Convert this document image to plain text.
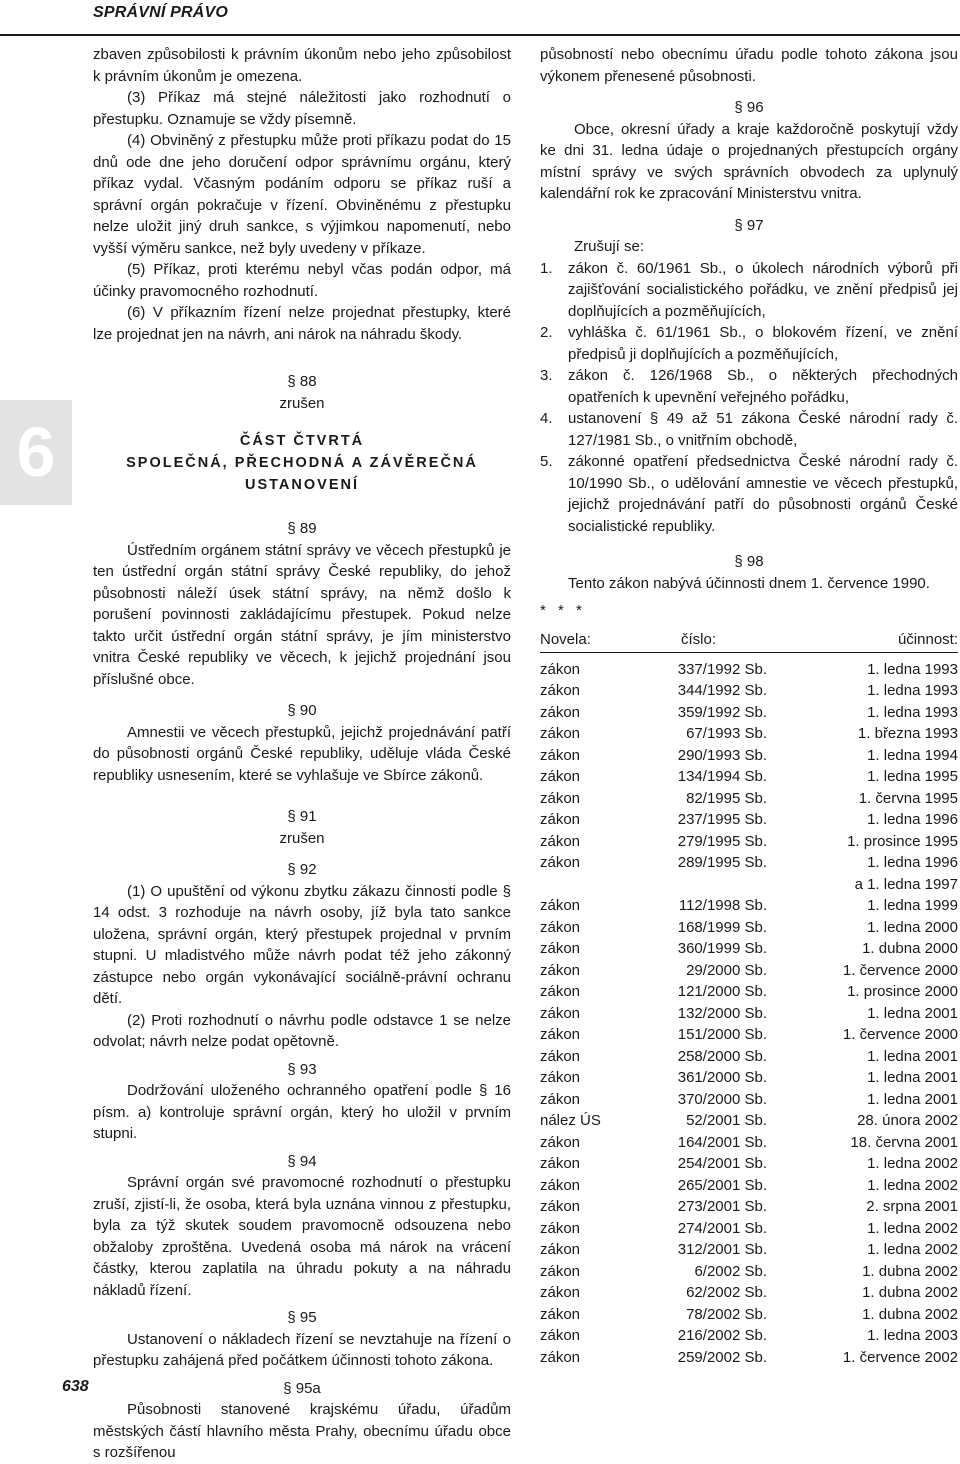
SPRÁVNÍ PRÁVO
6
638

zbaven způsobilosti k právním úkonům nebo jeho způsobilost k právním úkonům je omezena.

(3) Příkaz má stejné náležitosti jako rozhodnutí o přestupku. Oznamuje se vždy písemně.

(4) Obviněný z přestupku může proti příkazu podat do 15 dnů ode dne jeho doručení odpor správnímu orgánu, který příkaz vydal. Včasným podáním odporu se příkaz ruší a správní orgán pokračuje v řízení. Obviněnému z přestupku nelze uložit jiný druh sankce, s výjimkou napomenutí, nebo vyšší výměru sankce, než byly uvedeny v příkaze.

(5) Příkaz, proti kterému nebyl včas podán odpor, má účinky pravomocného rozhodnutí.

(6) V příkazním řízení nelze projednat přestupky, které lze projednat jen na návrh, ani nárok na náhradu škody.

§ 88

zrušen

ČÁST ČTVRTÁ
SPOLEČNÁ, PŘECHODNÁ A ZÁVĚREČNÁ
USTANOVENÍ

§ 89

Ústředním orgánem státní správy ve věcech přestupků je ten ústřední orgán státní správy České republiky, do jehož působnosti náleží úsek státní správy, na němž došlo k porušení povinnosti zakládajícímu přestupek. Pokud nelze takto určit ústřední orgán státní správy, je jím ministerstvo vnitra České republiky ve věcech, k jejichž projednání jsou příslušné obce.

§ 90

Amnestii ve věcech přestupků, jejichž projednávání patří do působnosti orgánů České republiky, uděluje vláda České republiky usnesením, které se vyhlašuje ve Sbírce zákonů.

§ 91

zrušen

§ 92

(1) O upuštění od výkonu zbytku zákazu činnosti podle § 14 odst. 3 rozhoduje na návrh osoby, jíž byla tato sankce uložena, správní orgán, který přestupek projednal v prvním stupni. U mladistvého může návrh podat též jeho zákonný zástupce nebo orgán vykonávající sociálně-právní ochranu dětí.

(2) Proti rozhodnutí o návrhu podle odstavce 1 se nelze odvolat; návrh nelze podat opětovně.

§ 93

Dodržování uloženého ochranného opatření podle § 16 písm. a) kontroluje správní orgán, který ho uložil v prvním stupni.

§ 94

Správní orgán své pravomocné rozhodnutí o přestupku zruší, zjistí-li, že osoba, která byla uznána vinnou z přestupku, byla za týž skutek soudem pravomocně odsouzena nebo obžaloby zproštěna. Uvedená osoba má nárok na vrácení částky, kterou zaplatila na úhradu pokuty a na náhradu nákladů řízení.

§ 95

Ustanovení o nákladech řízení se nevztahuje na řízení o přestupku zahájená před počátkem účinnosti tohoto zákona.

§ 95a

Působnosti stanovené krajskému úřadu, úřadům městských částí hlavního města Prahy, obecnímu úřadu obce s rozšířenou

působností nebo obecnímu úřadu podle tohoto zákona jsou výkonem přenesené působnosti.

§ 96

Obce, okresní úřady a kraje každoročně poskytují vždy ke dni 31. ledna údaje o projednaných přestupcích orgány místní správy ve svých správních obvodech za uplynulý kalendářní rok ke zpracování Ministerstvu vnitra.

§ 97

Zrušují se:

1. zákon č. 60/1961 Sb., o úkolech národních výborů při zajišťování socialistického pořádku, ve znění předpisů jej doplňujících a pozměňujících,
2. vyhláška č. 61/1961 Sb., o blokovém řízení, ve znění předpisů ji doplňujících a pozměňujících,
3. zákon č. 126/1968 Sb., o některých přechodných opatřeních k upevnění veřejného pořádku,
4. ustanovení § 49 až 51 zákona České národní rady č. 127/1981 Sb., o vnitřním obchodě,
5. zákonné opatření předsednictva České národní rady č. 10/1990 Sb., o udělování amnestie ve věcech přestupků, jejichž projednávání patří do působnosti orgánů České socialistické republiky.

§ 98

Tento zákon nabývá účinnosti dnem 1. července 1990.

* * *

Novela:	číslo:	účinnost:

zákon	337/1992 Sb.	1. ledna 1993
zákon	344/1992 Sb.	1. ledna 1993
zákon	359/1992 Sb.	1. ledna 1993
zákon	67/1993 Sb.	1. března 1993
zákon	290/1993 Sb.	1. ledna 1994
zákon	134/1994 Sb.	1. ledna 1995
zákon	82/1995 Sb.	1. června 1995
zákon	237/1995 Sb.	1. ledna 1996
zákon	279/1995 Sb.	1. prosince 1995
zákon	289/1995 Sb.	1. ledna 1996
		a 1. ledna 1997
zákon	112/1998 Sb.	1. ledna 1999
zákon	168/1999 Sb.	1. ledna 2000
zákon	360/1999 Sb.	1. dubna 2000
zákon	29/2000 Sb.	1. července 2000
zákon	121/2000 Sb.	1. prosince 2000
zákon	132/2000 Sb.	1. ledna 2001
zákon	151/2000 Sb.	1. července 2000
zákon	258/2000 Sb.	1. ledna 2001
zákon	361/2000 Sb.	1. ledna 2001
zákon	370/2000 Sb.	1. ledna 2001
nález ÚS	52/2001 Sb.	28. února 2002
zákon	164/2001 Sb.	18. června 2001
zákon	254/2001 Sb.	1. ledna 2002
zákon	265/2001 Sb.	1. ledna 2002
zákon	273/2001 Sb.	2. srpna 2001
zákon	274/2001 Sb.	1. ledna 2002
zákon	312/2001 Sb.	1. ledna 2002
zákon	6/2002 Sb.	1. dubna 2002
zákon	62/2002 Sb.	1. dubna 2002
zákon	78/2002 Sb.	1. dubna 2002
zákon	216/2002 Sb.	1. ledna 2003
zákon	259/2002 Sb.	1. července 2002
